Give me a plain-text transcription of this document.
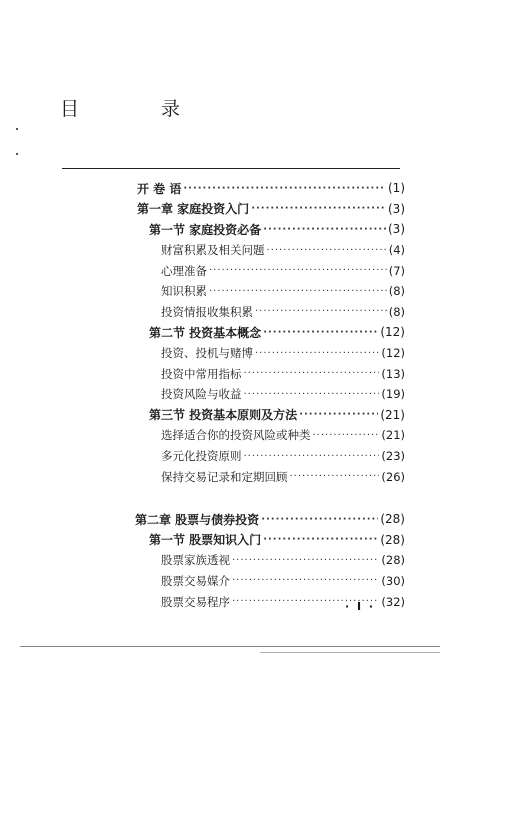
目 录
开 卷 语 ·····	(1)
第一章 家庭投资入门 ·····	(3)
第一节 家庭投资必备 ·····	(3)
财富积累及相关问题 ·····	(4)
心理准备 ·····	(7)
知识积累 ·····	(8)
投资情报收集积累 ·····	(8)
第二节 投资基本概念 ·····	(12)
投资、投机与赌博 ·····	(12)
投资中常用指标 ·····	(13)
投资风险与收益 ·····	(19)
第三节 投资基本原则及方法 ·····	(21)
选择适合你的投资风险或种类 ·····	(21)
多元化投资原则 ·····	(23)
保持交易记录和定期回顾 ·····	(26)
第二章 股票与债券投资 ·····	(28)
第一节 股票知识入门 ·····	(28)
股票家族透视 ·····	(28)
股票交易媒介 ·····	(30)
股票交易程序 ·····	(32)
· I ·
